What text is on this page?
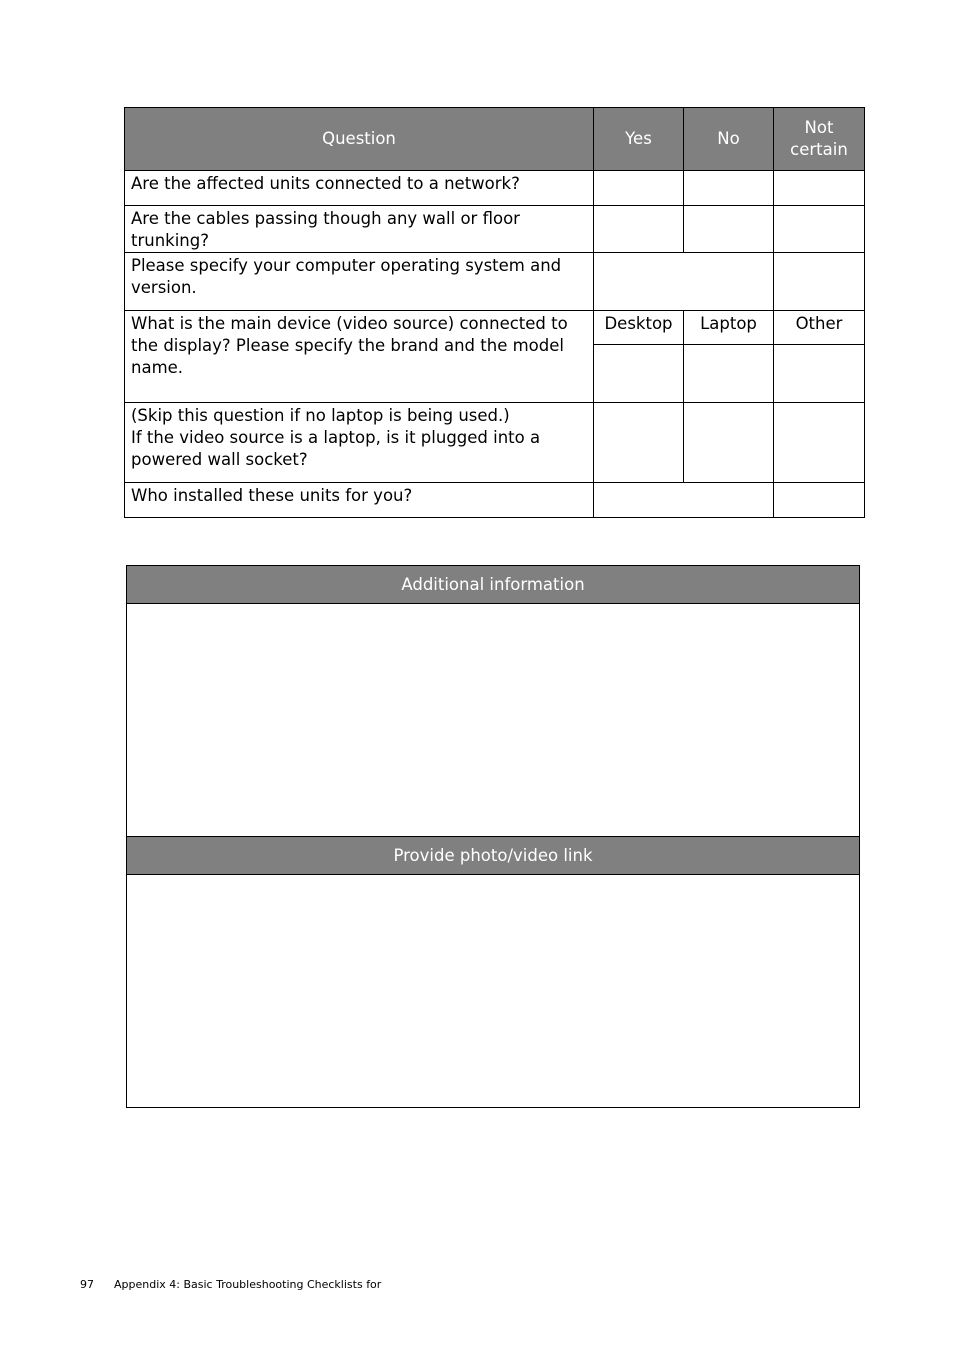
Question	Yes	No	Not certain
Are the affected units connected to a network?			
Are the cables passing though any wall or floor trunking?			
Please specify your computer operating system and version.			
What is the main device (video source) connected to the display? Please specify the brand and the model name.	Desktop	Laptop	Other

(Skip this question if no laptop is being used.)
If the video source is a laptop, is it plugged into a powered wall socket?			

Who installed these units for you?			
Additional information

Provide photo/video link

97 Appendix 4: Basic Troubleshooting Checklists for
